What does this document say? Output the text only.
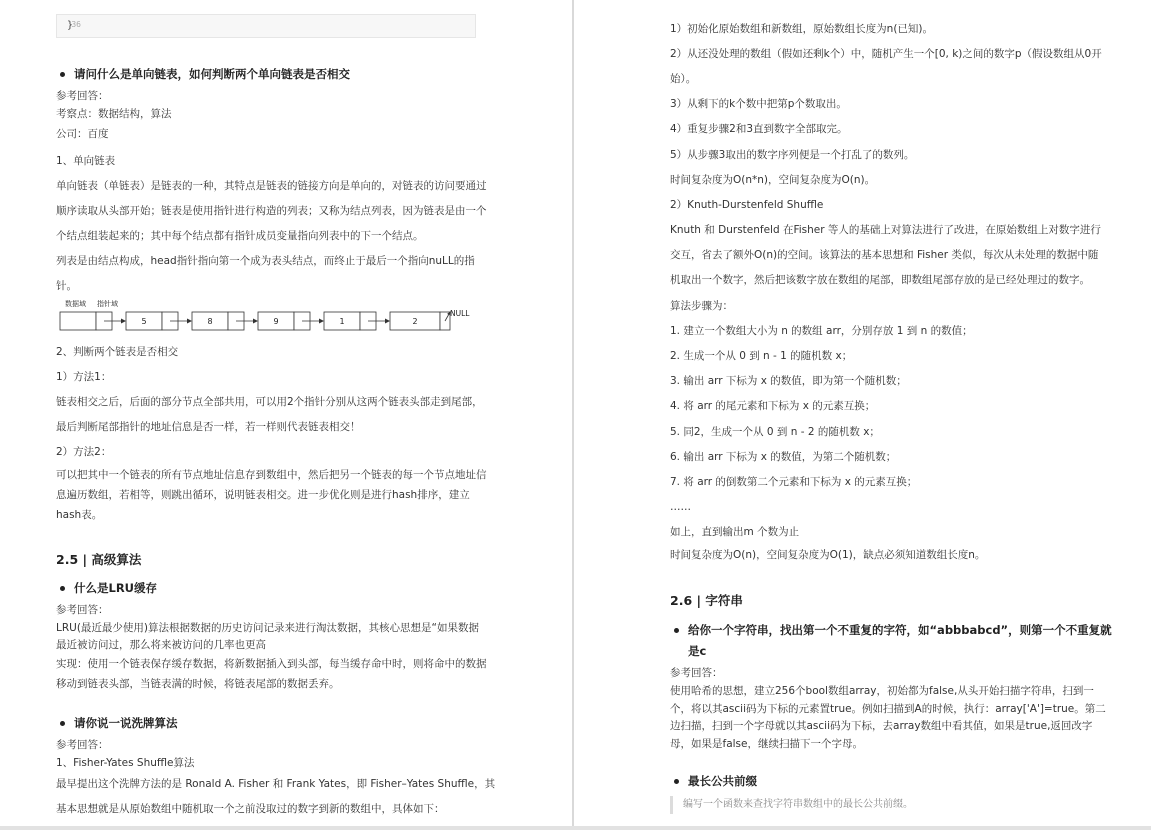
36
}
请问什么是单向链表，如何判断两个单向链表是否相交
参考回答：
考察点：数据结构，算法
公司：百度
1、单向链表
单向链表（单链表）是链表的一种，其特点是链表的链接方向是单向的，对链表的访问要通过
顺序读取从头部开始；链表是使用指针进行构造的列表；又称为结点列表，因为链表是由一个
个结点组装起来的；其中每个结点都有指针成员变量指向列表中的下一个结点。
列表是由结点构成，head指针指向第一个成为表头结点，而终止于最后一个指向nuLL的指
针。
数据域 指针域
5	8	9	1	2
NULL
2、判断两个链表是否相交
1）方法1：
链表相交之后，后面的部分节点全部共用，可以用2个指针分别从这两个链表头部走到尾部，
最后判断尾部指针的地址信息是否一样，若一样则代表链表相交！
2）方法2：
可以把其中一个链表的所有节点地址信息存到数组中，然后把另一个链表的每一个节点地址信
息遍历数组，若相等，则跳出循环，说明链表相交。进一步优化则是进行hash排序，建立
hash表。
2.5 | 高级算法
什么是LRU缓存
参考回答：
LRU(最近最少使用)算法根据数据的历史访问记录来进行淘汰数据，其核心思想是“如果数据
最近被访问过，那么将来被访问的几率也更高
实现：使用一个链表保存缓存数据，将新数据插入到头部，每当缓存命中时，则将命中的数据
移动到链表头部，当链表满的时候，将链表尾部的数据丢弃。
请你说一说洗牌算法
参考回答：
1、Fisher-Yates Shuffle算法
最早提出这个洗牌方法的是 Ronald A. Fisher 和 Frank Yates，即 Fisher–Yates Shuffle，其
基本思想就是从原始数组中随机取一个之前没取过的数字到新的数组中，具体如下：
1）初始化原始数组和新数组，原始数组长度为n(已知)。
2）从还没处理的数组（假如还剩k个）中，随机产生一个[0, k)之间的数字p（假设数组从0开
始）。
3）从剩下的k个数中把第p个数取出。
4）重复步骤2和3直到数字全部取完。
5）从步骤3取出的数字序列便是一个打乱了的数列。
时间复杂度为O(n*n)，空间复杂度为O(n)。
2）Knuth-Durstenfeld Shuffle
Knuth 和 Durstenfeld 在Fisher 等人的基础上对算法进行了改进，在原始数组上对数字进行
交互，省去了额外O(n)的空间。该算法的基本思想和 Fisher 类似，每次从未处理的数据中随
机取出一个数字，然后把该数字放在数组的尾部，即数组尾部存放的是已经处理过的数字。
算法步骤为：
1. 建立一个数组大小为 n 的数组 arr，分别存放 1 到 n 的数值；
2. 生成一个从 0 到 n - 1 的随机数 x；
3. 输出 arr 下标为 x 的数值，即为第一个随机数；
4. 将 arr 的尾元素和下标为 x 的元素互换；
5. 同2，生成一个从 0 到 n - 2 的随机数 x；
6. 输出 arr 下标为 x 的数值，为第二个随机数；
7. 将 arr 的倒数第二个元素和下标为 x 的元素互换；
……
如上，直到输出m 个数为止
时间复杂度为O(n)，空间复杂度为O(1)，缺点必须知道数组长度n。
2.6 | 字符串
给你一个字符串，找出第一个不重复的字符，如“abbbabcd”，则第一个不重复就
是c
参考回答：
使用哈希的思想，建立256个bool数组array，初始都为false,从头开始扫描字符串，扫到一
个，将以其ascii码为下标的元素置true。例如扫描到A的时候，执行：array['A']=true。第二
边扫描，扫到一个字母就以其ascii码为下标，去array数组中看其值，如果是true,返回改字
母，如果是false，继续扫描下一个字母。
最长公共前缀
编写一个函数来查找字符串数组中的最长公共前缀。
